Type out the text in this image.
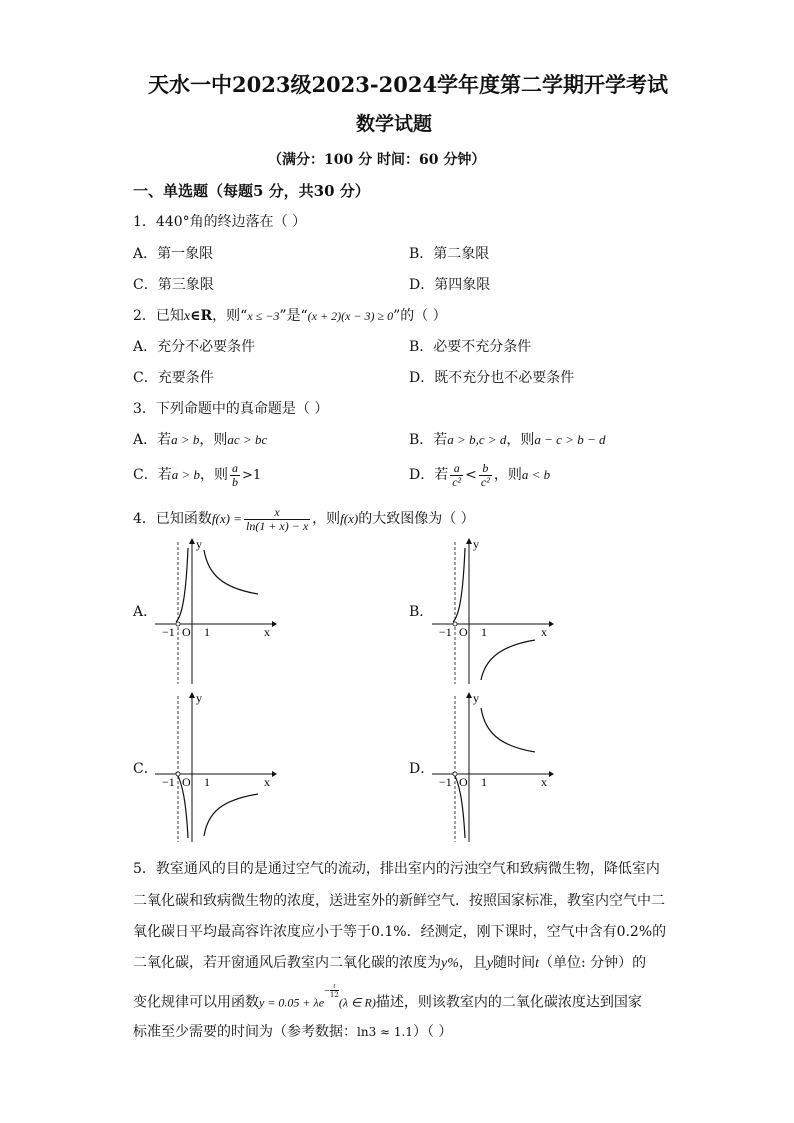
天水一中2023级2023-2024学年度第二学期开学考试
数学试题
（满分：100 分 时间：60 分钟）
一、单选题（每题5 分，共30 分）
1．440°角的终边落在（ ）
A．第一象限	B．第二象限
C．第三象限	D．第四象限
2．已知x∈R，则“x ≤ −3”是“(x + 2)(x − 3) ≥ 0”的（ ）
A．充分不必要条件	B．必要不充分条件
C．充要条件	D．既不充分也不必要条件
3．下列命题中的真命题是（ ）
A．若a > b，则ac > bc	B．若a > b,c > d，则a − c > b − d
C．若a > b，则 $\frac{a}{b} >1$	D．若 $\frac{a}{\text{c²}} < \frac{b}{\text{c²}}$ ，则a < b
4．已知函数$f(x) = \frac{x}{\ln(1 + x) - x}$ ，则f(x)的大致图像为（ ）
A．	B．
C．	D．
y
x
O
−1 1
y
x
O
−1 1
y
x
O
−1 1
y
x
O
−1 1
5．教室通风的目的是通过空气的流动，排出室内的污浊空气和致病微生物，降低室内
二氧化碳和致病微生物的浓度，送进室外的新鲜空气．按照国家标准，教室内空气中二
氧化碳日平均最高容许浓度应小于等于0.1%．经测定，刚下课时，空气中含有0.2%的
二氧化碳，若开窗通风后教室内二氧化碳的浓度为y%，且y随时间t（单位: 分钟）的
变化规律可以用函数$y = 0.05 + \lambda e- \frac{t}{12}$
(λ ∈ R)描述，则该教室内的二氧化碳浓度达到国家
标准至少需要的时间为（参考数据：ln3 ≈ 1.1）（ ）
